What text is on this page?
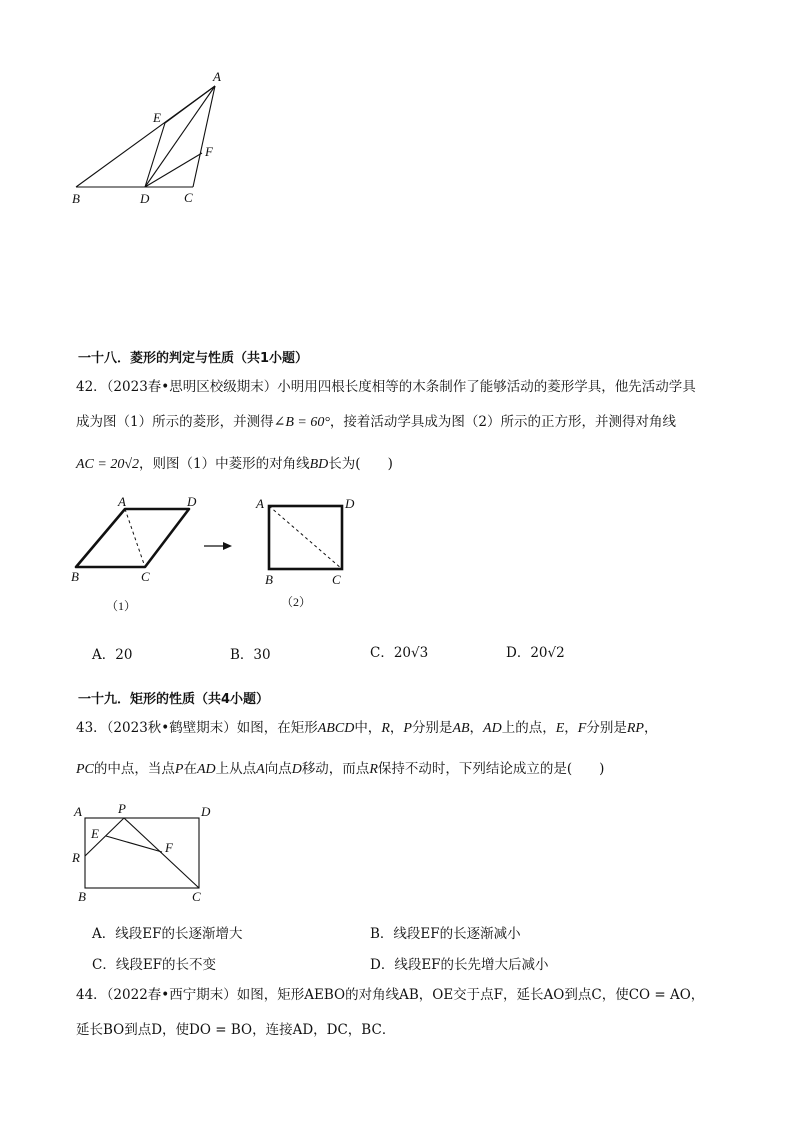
A
E
F
B	D	C
一十八．菱形的判定与性质（共1小题）
42．（2023春•思明区校级期末）小明用四根长度相等的木条制作了能够活动的菱形学具，他先活动学具
成为图（1）所示的菱形，并测得∠B = 60°，接着活动学具成为图（2）所示的正方形，并测得对角线
AC = 20√2，则图（1）中菱形的对角线BD长为(　　)
A	D
B	C
（1）
A	D
B	C
（2）
A．20	B．30	C．20√3	D．20√2
一十九．矩形的性质（共4小题）
43．（2023秋•鹤壁期末）如图，在矩形ABCD中，R，P分别是AB，AD上的点，E，F分别是RP，
PC的中点，当点P在AD上从点A向点D移动，而点R保持不动时，下列结论成立的是(　　)
A	P	D
E
F
R
B	C
A．线段EF的长逐渐增大	B．线段EF的长逐渐减小
C．线段EF的长不变	D．线段EF的长先增大后减小
44．（2022春•西宁期末）如图，矩形AEBO的对角线AB，OE交于点F，延长AO到点C，使CO = AO，
延长BO到点D，使DO = BO，连接AD，DC，BC．
